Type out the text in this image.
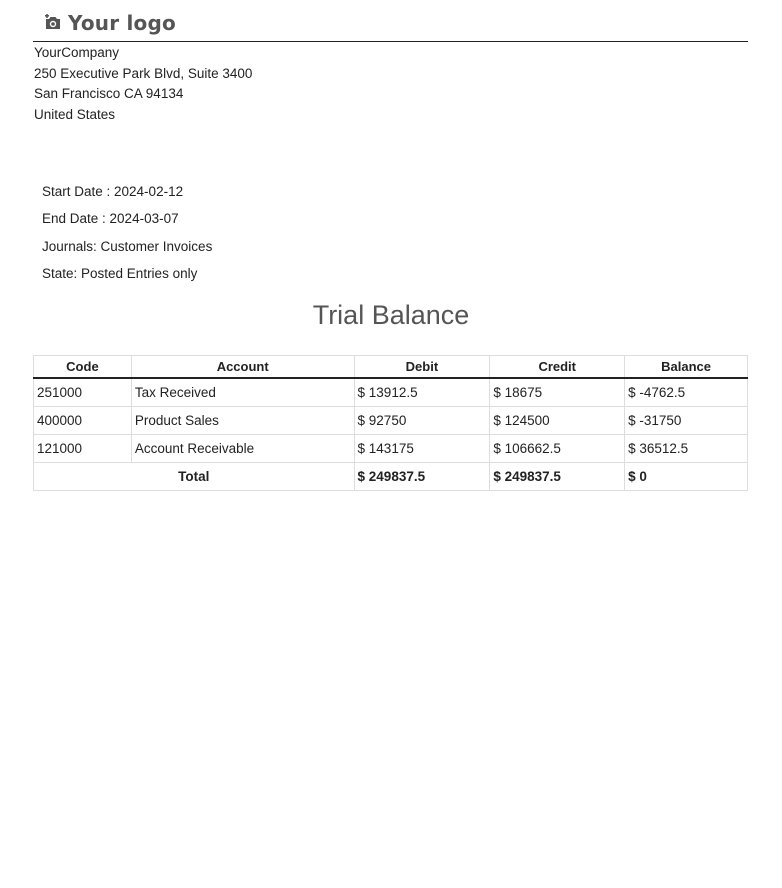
Your logo
YourCompany
250 Executive Park Blvd, Suite 3400
San Francisco CA 94134
United States
Start Date : 2024-02-12
End Date : 2024-03-07
Journals: Customer Invoices
State: Posted Entries only
Trial Balance
Code	Account	Debit	Credit	Balance
251000	Tax Received	$ 13912.5	$ 18675	$ -4762.5
400000	Product Sales	$ 92750	$ 124500	$ -31750
121000	Account Receivable	$ 143175	$ 106662.5	$ 36512.5
Total		$ 249837.5	$ 249837.5	$ 0
